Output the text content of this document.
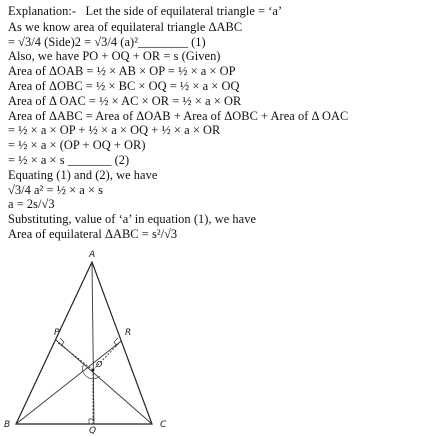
Explanation:-   Let the side of equilateral triangle = ‘a’
As we know area of equilateral triangle ΔABC
= √3/4 (Side)2 = √3/4 (a)²________ (1)
Also, we have PO + OQ + OR = s (Given)
Area of ΔOAB = ½ × AB × OP = ½ × a × OP
Area of ΔOBC = ½ × BC × OQ = ½ × a × OQ
Area of Δ OAC = ½ × AC × OR = ½ × a × OR
Area of ΔABC = Area of ΔOAB + Area of ΔOBC + Area of Δ OAC
= ½ × a × OP + ½ × a × OQ + ½ × a × OR
= ½ × a × (OP + OQ + OR)
= ½ × a × s _______ (2)
Equating (1) and (2), we have
√3/4 a² = ½ × a × s
a = 2s/√3
Substituting, value of ‘a’ in equation (1), we have
Area of equilateral ΔABC = s²/√3
A
B	C
P	R
Q
O
